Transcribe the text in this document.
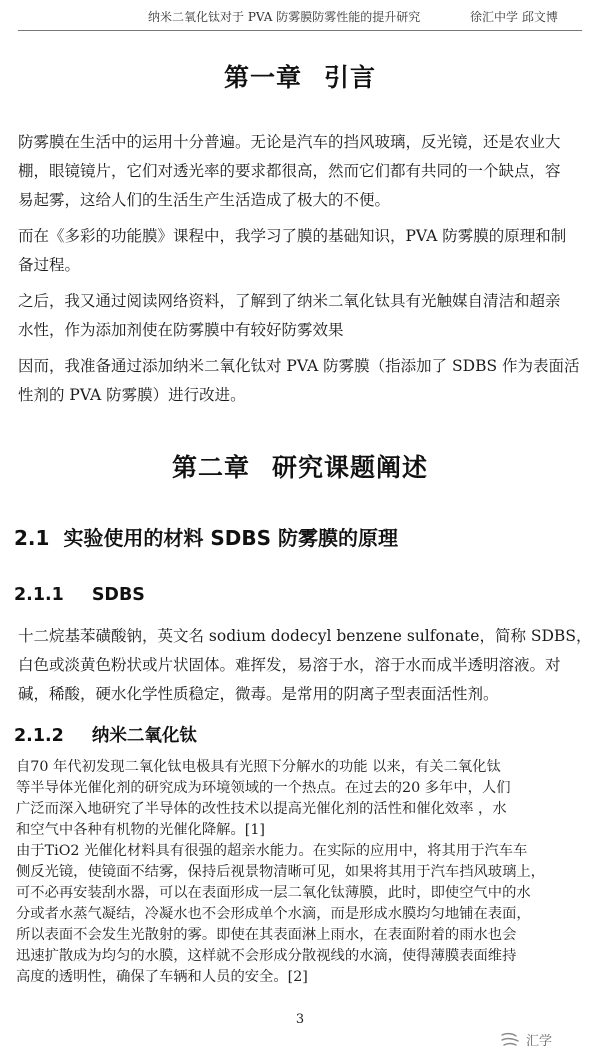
纳米二氧化钛对于 PVA 防雾膜防雾性能的提升研究	徐汇中学 邱文博
第一章 引言

防雾膜在生活中的运用十分普遍。无论是汽车的挡风玻璃，反光镜，还是农业大
棚，眼镜镜片，它们对透光率的要求都很高，然而它们都有共同的一个缺点，容
易起雾，这给人们的生活生产生活造成了极大的不便。

而在《多彩的功能膜》课程中，我学习了膜的基础知识，PVA 防雾膜的原理和制
备过程。

之后，我又通过阅读网络资料，了解到了纳米二氧化钛具有光触媒自清洁和超亲
水性，作为添加剂使在防雾膜中有较好防雾效果

因而，我准备通过添加纳米二氧化钛对 PVA 防雾膜（指添加了 SDBS 作为表面活
性剂的 PVA 防雾膜）进行改进。

第二章 研究课题阐述
2.1 实验使用的材料 SDBS 防雾膜的原理
2.1.1 SDBS

十二烷基苯磺酸钠，英文名 sodium dodecyl benzene sulfonate，简称 SDBS，
白色或淡黄色粉状或片状固体。难挥发，易溶于水，溶于水而成半透明溶液。对
碱，稀酸，硬水化学性质稳定，微毒。是常用的阴离子型表面活性剂。

2.1.2 纳米二氧化钛

自70 年代初发现二氧化钛电极具有光照下分解水的功能 以来，有关二氧化钛
等半导体光催化剂的研究成为环境领域的一个热点。在过去的20 多年中，人们
广泛而深入地研究了半导体的改性技术以提高光催化剂的活性和催化效率 ，水
和空气中各种有机物的光催化降解。[1]

由于TiO2 光催化材料具有很强的超亲水能力。在实际的应用中，将其用于汽车车
侧反光镜，使镜面不结雾，保持后视景物清晰可见，如果将其用于汽车挡风玻璃上，
可不必再安装刮水器，可以在表面形成一层二氧化钛薄膜，此时，即使空气中的水
分或者水蒸气凝结，冷凝水也不会形成单个水滴，而是形成水膜均匀地铺在表面，
所以表面不会发生光散射的雾。即使在其表面淋上雨水，在表面附着的雨水也会
迅速扩散成为均匀的水膜，这样就不会形成分散视线的水滴，使得薄膜表面维持
高度的透明性，确保了车辆和人员的安全。[2]

3
汇学
